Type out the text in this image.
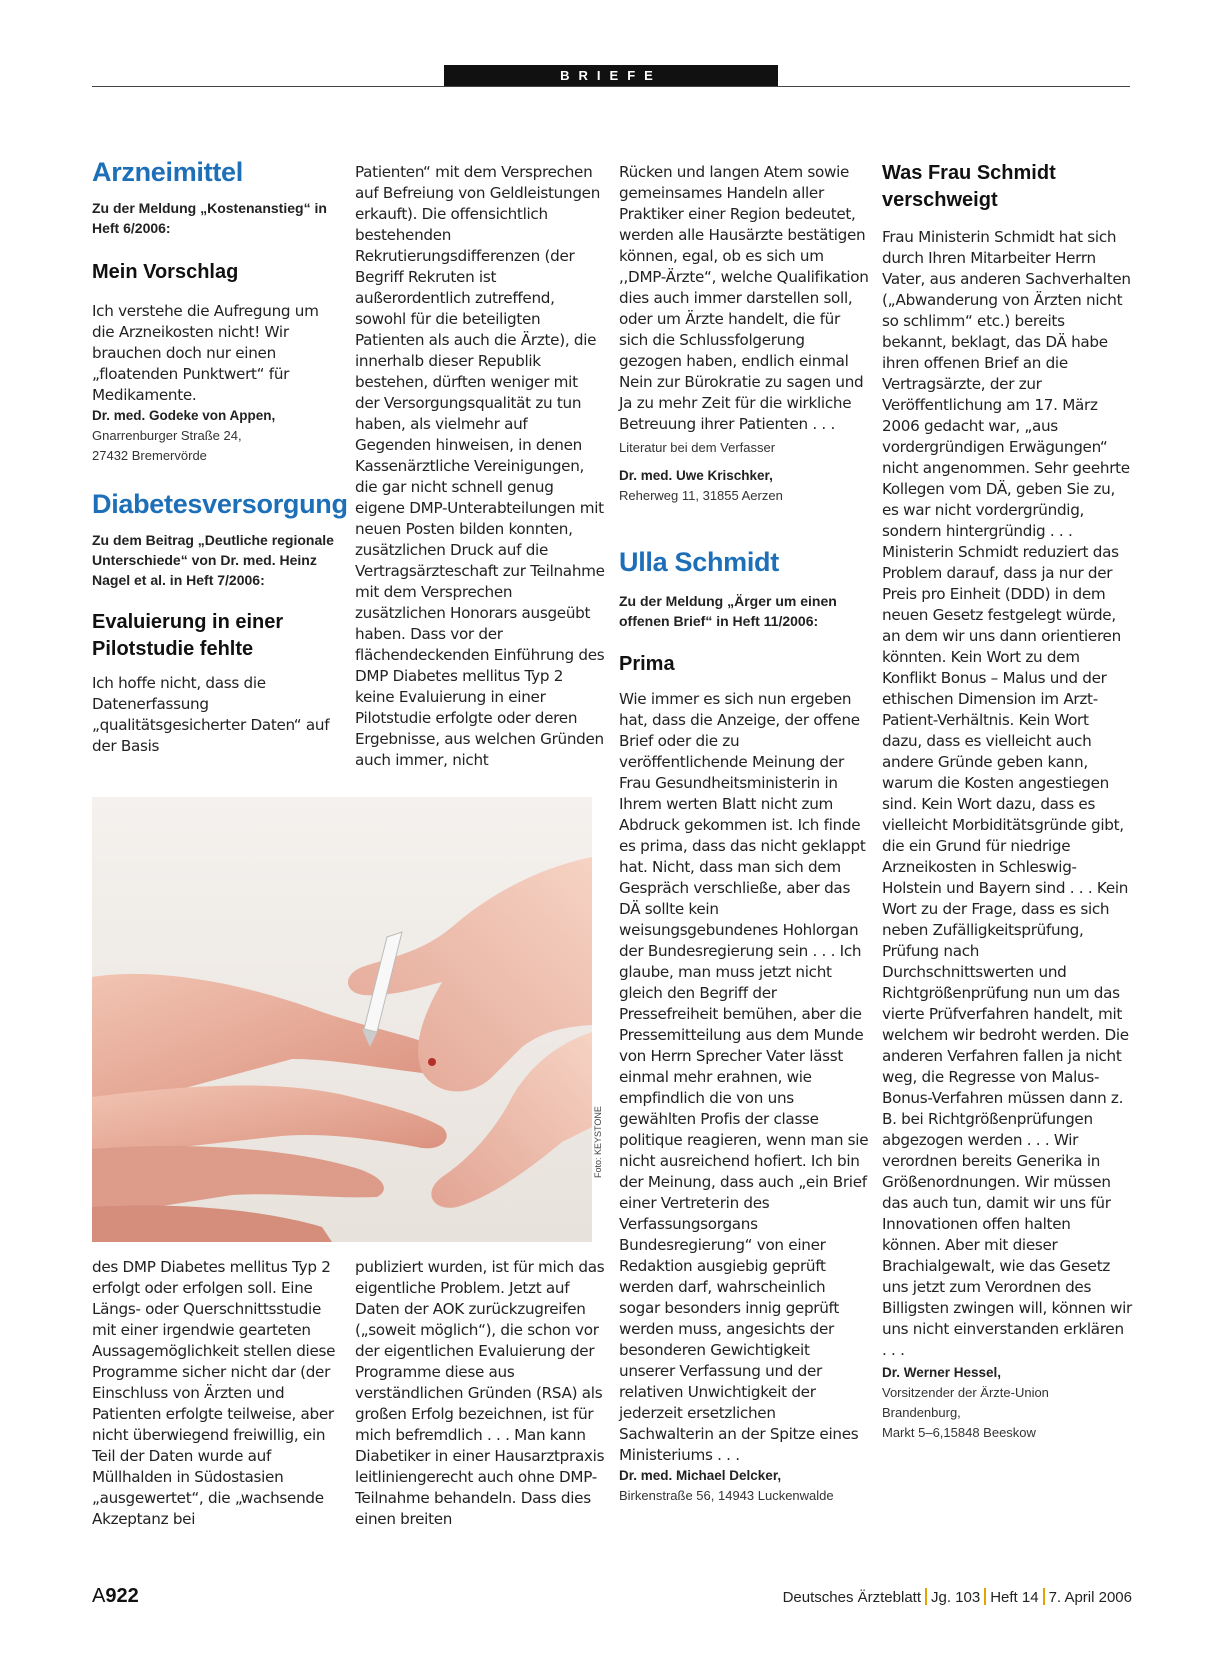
BRIEFE
Arzneimittel
Zu der Meldung „Kostenanstieg“ in Heft 6/2006:
Mein Vorschlag
Ich verstehe die Aufregung um die Arzneikosten nicht! Wir brauchen doch nur einen „floatenden Punktwert“ für Medikamente.
Dr. med. Godeke von Appen,
Gnarrenburger Straße 24,
27432 Bremervörde
Diabetesversorgung
Zu dem Beitrag „Deutliche regionale Unterschiede“ von Dr. med. Heinz Nagel et al. in Heft 7/2006:
Evaluierung in einer Pilotstudie fehlte
Ich hoffe nicht, dass die Datenerfassung „qualitätsgesicherter Daten“ auf der Basis
des DMP Diabetes mellitus Typ 2 erfolgt oder erfolgen soll. Eine Längs- oder Querschnittsstudie mit einer irgendwie gearteten Aussagemöglichkeit stellen diese Programme sicher nicht dar (der Einschluss von Ärzten und Patienten erfolgte teilweise, aber nicht überwiegend freiwillig, ein Teil der Daten wurde auf Müllhalden in Südostasien „ausgewertet“, die „wachsende Akzeptanz bei
Patienten“ mit dem Versprechen auf Befreiung von Geldleistungen erkauft). Die offensichtlich bestehenden Rekrutierungsdifferenzen (der Begriff Rekruten ist außerordentlich zutreffend, sowohl für die beteiligten Patienten als auch die Ärzte), die innerhalb dieser Republik bestehen, dürften weniger mit der Versorgungsqualität zu tun haben, als vielmehr auf Gegenden hinweisen, in denen Kassenärztliche Vereinigungen, die gar nicht schnell genug eigene DMP-Unterabteilungen mit neuen Posten bilden konnten, zusätzlichen Druck auf die Vertragsärzteschaft zur Teilnahme mit dem Versprechen zusätzlichen Honorars ausgeübt haben. Dass vor der flächendeckenden Einführung des DMP Diabetes mellitus Typ 2 keine Evaluierung in einer Pilotstudie erfolgte oder deren Ergebnisse, aus welchen Gründen auch immer, nicht
publiziert wurden, ist für mich das eigentliche Problem. Jetzt auf Daten der AOK zurückzugreifen („soweit möglich“), die schon vor der eigentlichen Evaluierung der Programme diese aus verständlichen Gründen (RSA) als großen Erfolg bezeichnen, ist für mich befremdlich . . . Man kann Diabetiker in einer Hausarztpraxis leitliniengerecht auch ohne DMP-Teilnahme behandeln. Dass dies einen breiten
Foto: KEYSTONE
Rücken und langen Atem sowie gemeinsames Handeln aller Praktiker einer Region bedeutet, werden alle Hausärzte bestätigen können, egal, ob es sich um ,,DMP-Ärzte“, welche Qualifikation dies auch immer darstellen soll, oder um Ärzte handelt, die für sich die Schlussfolgerung gezogen haben, endlich einmal Nein zur Bürokratie zu sagen und Ja zu mehr Zeit für die wirkliche Betreuung ihrer Patienten . . .
Literatur bei dem Verfasser
Dr. med. Uwe Krischker,
Reherweg 11, 31855 Aerzen
Ulla Schmidt
Zu der Meldung „Ärger um einen offenen Brief“ in Heft 11/2006:
Prima
Wie immer es sich nun ergeben hat, dass die Anzeige, der offene Brief oder die zu veröffentlichende Meinung der Frau Gesundheitsministerin in Ihrem werten Blatt nicht zum Abdruck gekommen ist. Ich finde es prima, dass das nicht geklappt hat. Nicht, dass man sich dem Gespräch verschließe, aber das DÄ sollte kein weisungsgebundenes Hohlorgan der Bundesregierung sein . . . Ich glaube, man muss jetzt nicht gleich den Begriff der Pressefreiheit bemühen, aber die Pressemitteilung aus dem Munde von Herrn Sprecher Vater lässt einmal mehr erahnen, wie empfindlich die von uns gewählten Profis der classe politique reagieren, wenn man sie nicht ausreichend hofiert. Ich bin der Meinung, dass auch „ein Brief einer Vertreterin des Verfassungsorgans Bundesregierung“ von einer Redaktion ausgiebig geprüft werden darf, wahrscheinlich sogar besonders innig geprüft werden muss, angesichts der besonderen Gewichtigkeit unserer Verfassung und der relativen Unwichtigkeit der jederzeit ersetzlichen Sachwalterin an der Spitze eines Ministeriums . . .
Dr. med. Michael Delcker,
Birkenstraße 56, 14943 Luckenwalde
Was Frau Schmidt verschweigt
Frau Ministerin Schmidt hat sich durch Ihren Mitarbeiter Herrn Vater, aus anderen Sachverhalten („Abwanderung von Ärzten nicht so schlimm“ etc.) bereits bekannt, beklagt, das DÄ habe ihren offenen Brief an die Vertragsärzte, der zur Veröffentlichung am 17. März 2006 gedacht war, „aus vordergründigen Erwägungen“ nicht angenommen. Sehr geehrte Kollegen vom DÄ, geben Sie zu, es war nicht vordergründig, sondern hintergründig . . . Ministerin Schmidt reduziert das Problem darauf, dass ja nur der Preis pro Einheit (DDD) in dem neuen Gesetz festgelegt würde, an dem wir uns dann orientieren könnten. Kein Wort zu dem Konflikt Bonus – Malus und der ethischen Dimension im Arzt-Patient-Verhältnis. Kein Wort dazu, dass es vielleicht auch andere Gründe geben kann, warum die Kosten angestiegen sind. Kein Wort dazu, dass es vielleicht Morbiditätsgründe gibt, die ein Grund für niedrige Arzneikosten in Schleswig-Holstein und Bayern sind . . . Kein Wort zu der Frage, dass es sich neben Zufälligkeitsprüfung, Prüfung nach Durchschnittswerten und Richtgrößenprüfung nun um das vierte Prüfverfahren handelt, mit welchem wir bedroht werden. Die anderen Verfahren fallen ja nicht weg, die Regresse von Malus-Bonus-Verfahren müssen dann z. B. bei Richtgrößenprüfungen abgezogen werden . . . Wir verordnen bereits Generika in Größenordnungen. Wir müssen das auch tun, damit wir uns für Innovationen offen halten können. Aber mit dieser Brachialgewalt, wie das Gesetz uns jetzt zum Verordnen des Billigsten zwingen will, können wir uns nicht einverstanden erklären . . .
Dr. Werner Hessel,
Vorsitzender der Ärzte-Union
Brandenburg,
Markt 5–6,15848 Beeskow
A922	Deutsches Ärzteblatt Jg. 103 Heft 14 7. April 2006
